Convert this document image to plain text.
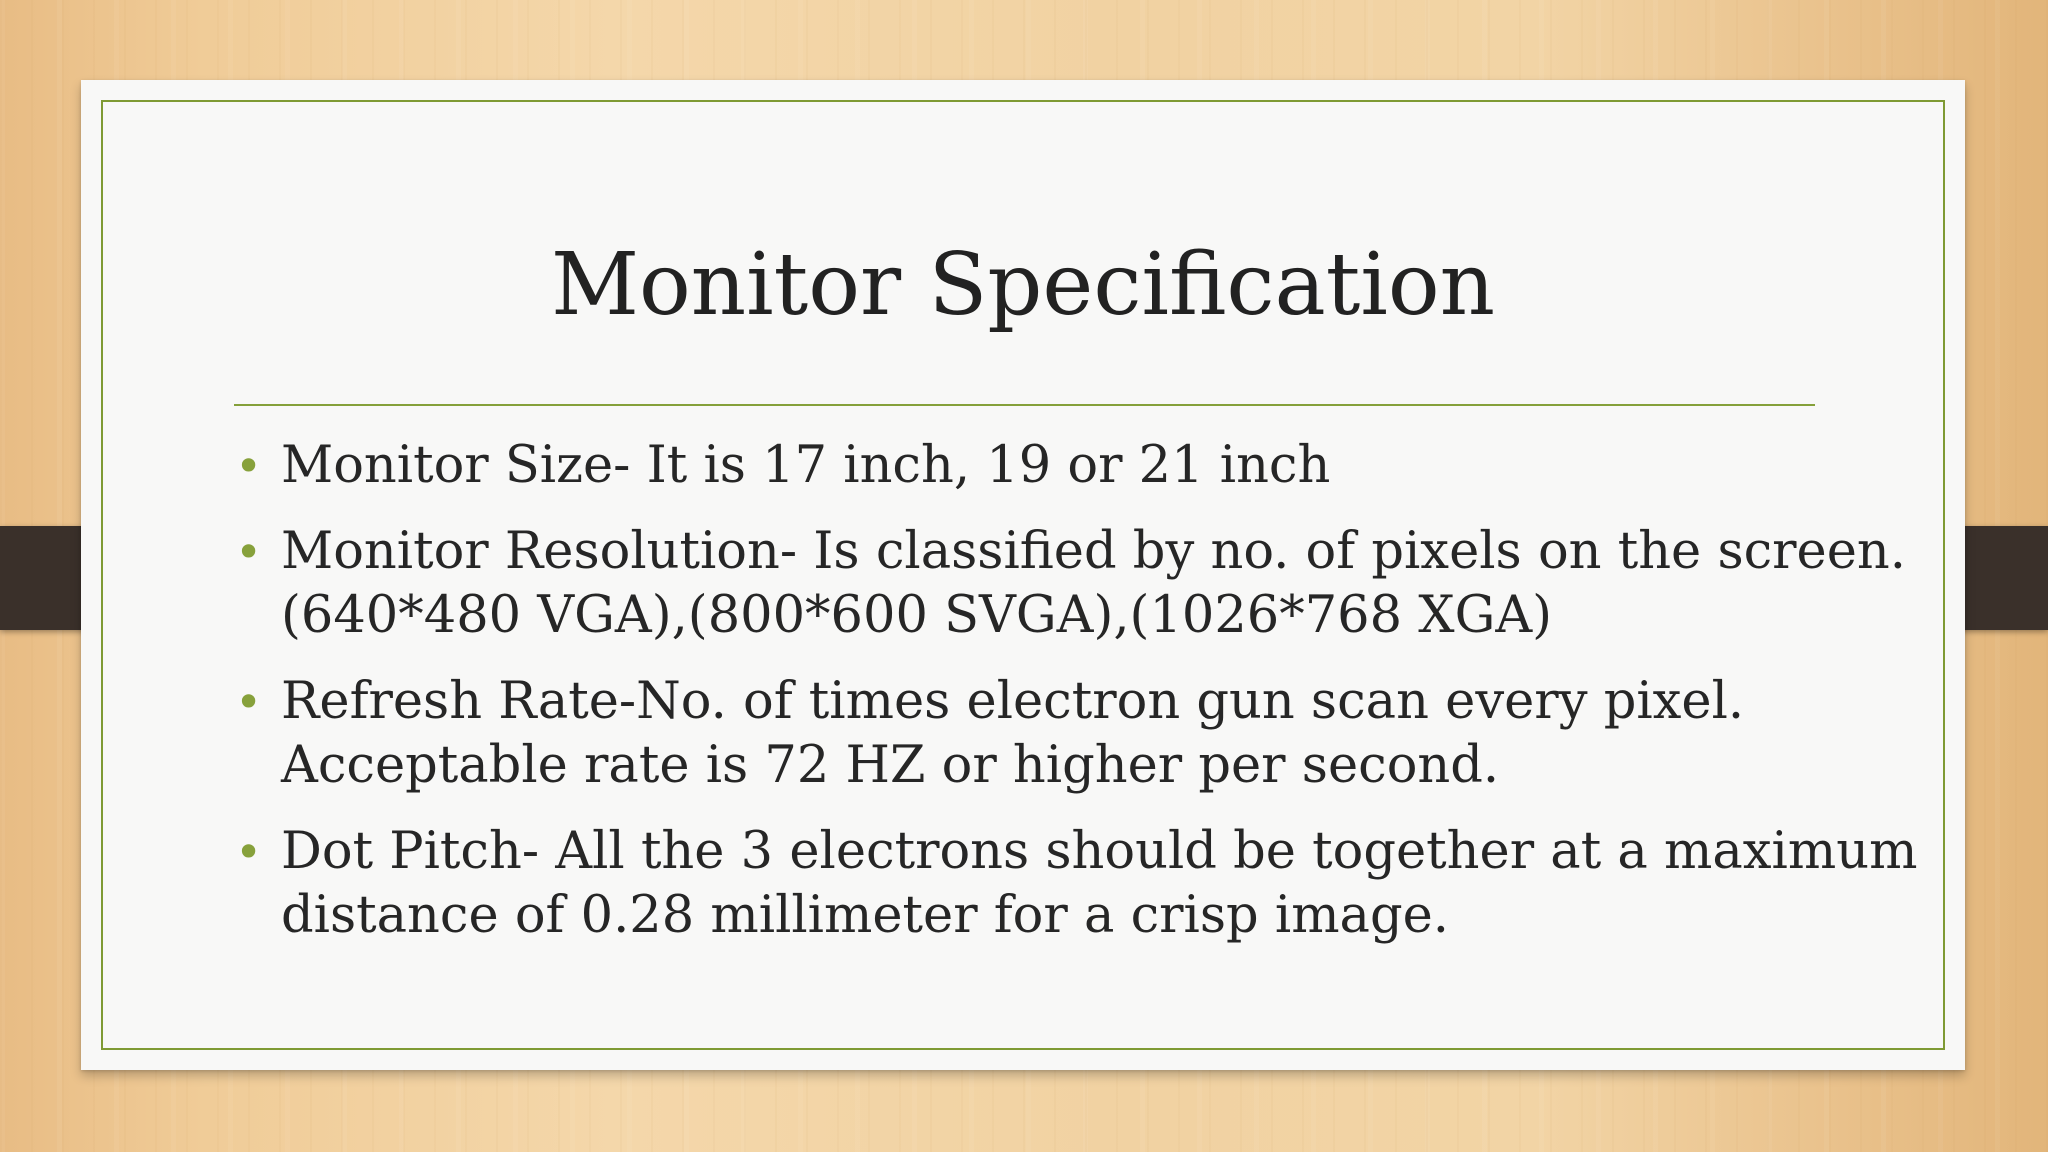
Monitor Specification
• Monitor Size- It is 17 inch, 19 or 21 inch
• Monitor Resolution- Is classified by no. of pixels on the screen.
(640*480 VGA),(800*600 SVGA),(1026*768 XGA)
• Refresh Rate-No. of times electron gun scan every pixel.
Acceptable rate is 72 HZ or higher per second.
• Dot Pitch- All the 3 electrons should be together at a maximum
distance of 0.28 millimeter for a crisp image.
